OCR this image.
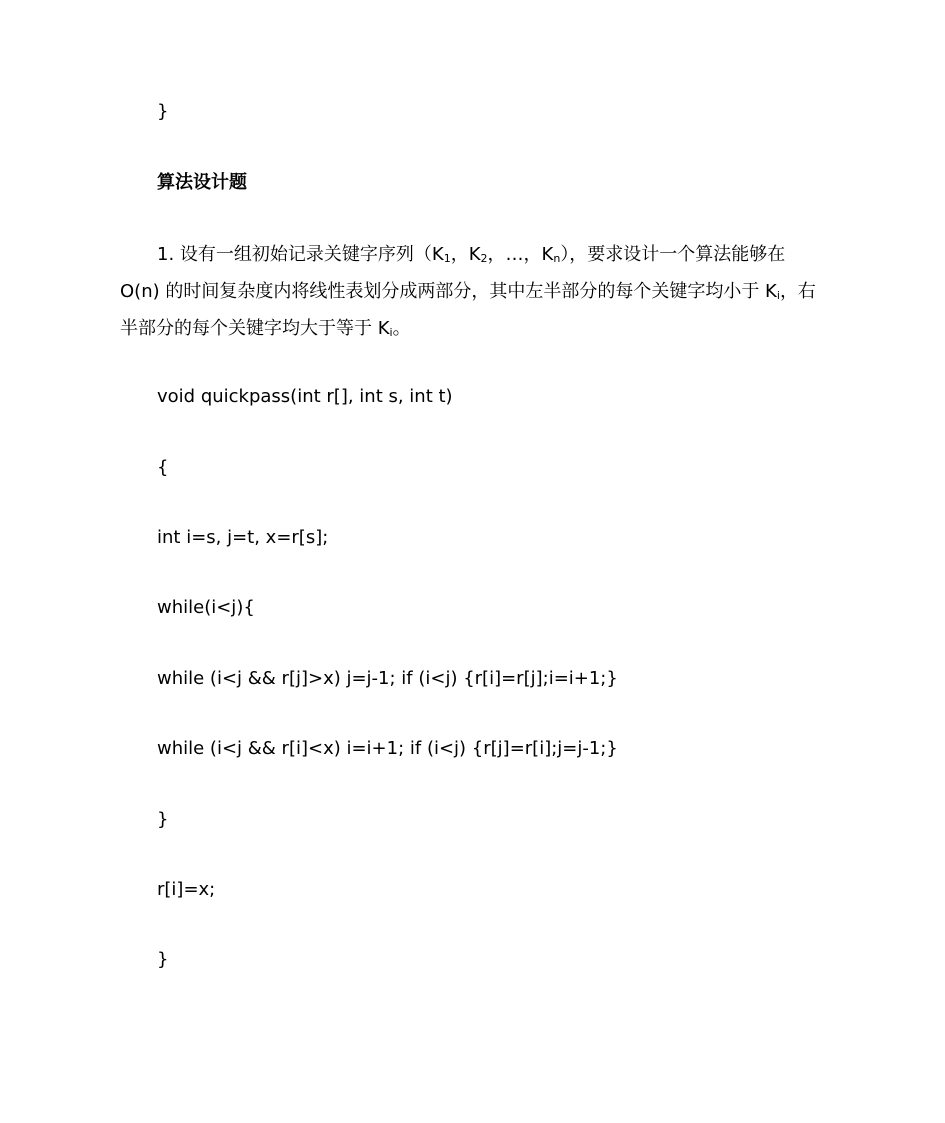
}
算法设计题
1. 设有一组初始记录关键字序列（$K_1$，$K_2$，…，$K_n$），要求设计一个算法能够在 O(n) 的时间复杂度内将线性表划分成两部分，其中左半部分的每个关键字均小于 $K_i$，右半部分的每个关键字均大于等于 $K_i$。
void quickpass(int r[], int s, int t)
{
int i=s, j=t, x=r[s];
while(i<j){
while (i<j && r[j]>x) j=j-1; if (i<j) {r[i]=r[j];i=i+1;}
while (i<j && r[i]<x) i=i+1; if (i<j) {r[j]=r[i];j=j-1;}
}
r[i]=x;
}
